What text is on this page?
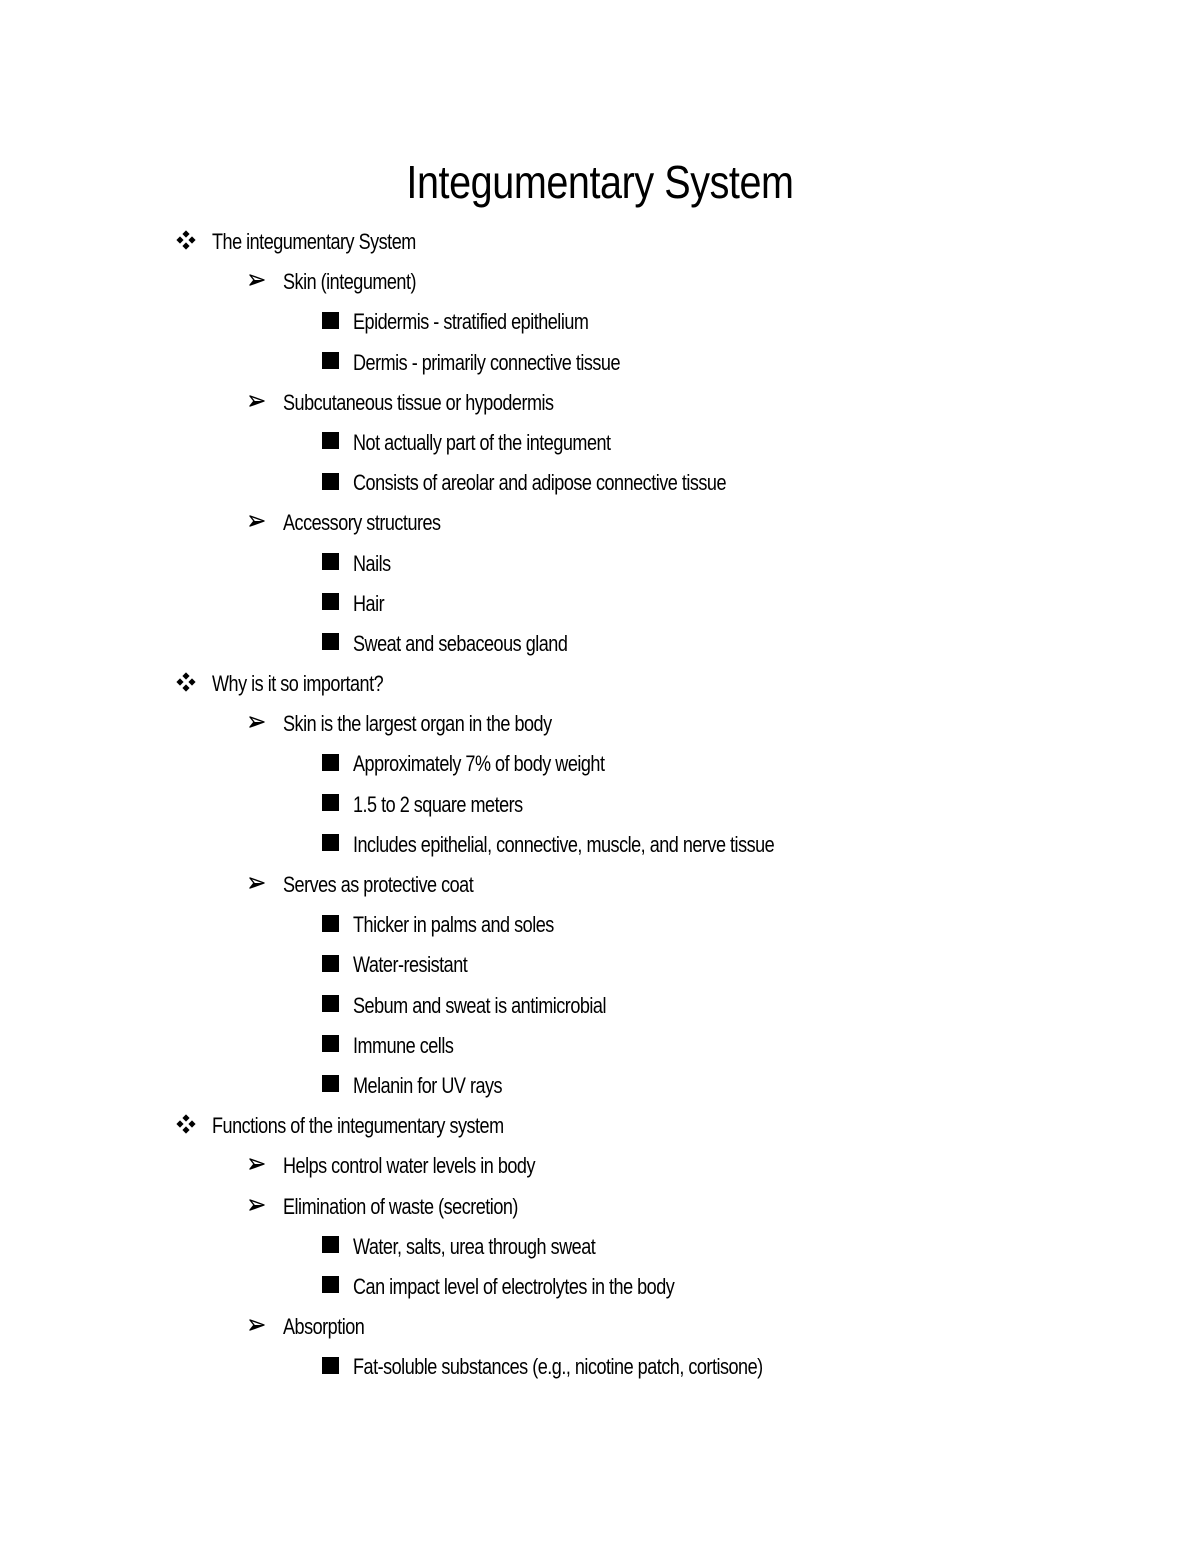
Integumentary System
The integumentary System
Skin (integument)
Epidermis - stratified epithelium
Dermis - primarily connective tissue
Subcutaneous tissue or hypodermis
Not actually part of the integument
Consists of areolar and adipose connective tissue
Accessory structures
Nails
Hair
Sweat and sebaceous gland
Why is it so important?
Skin is the largest organ in the body
Approximately 7% of body weight
1.5 to 2 square meters
Includes epithelial, connective, muscle, and nerve tissue
Serves as protective coat
Thicker in palms and soles
Water-resistant
Sebum and sweat is antimicrobial
Immune cells
Melanin for UV rays
Functions of the integumentary system
Helps control water levels in body
Elimination of waste (secretion)
Water, salts, urea through sweat
Can impact level of electrolytes in the body
Absorption
Fat-soluble substances (e.g., nicotine patch, cortisone)
